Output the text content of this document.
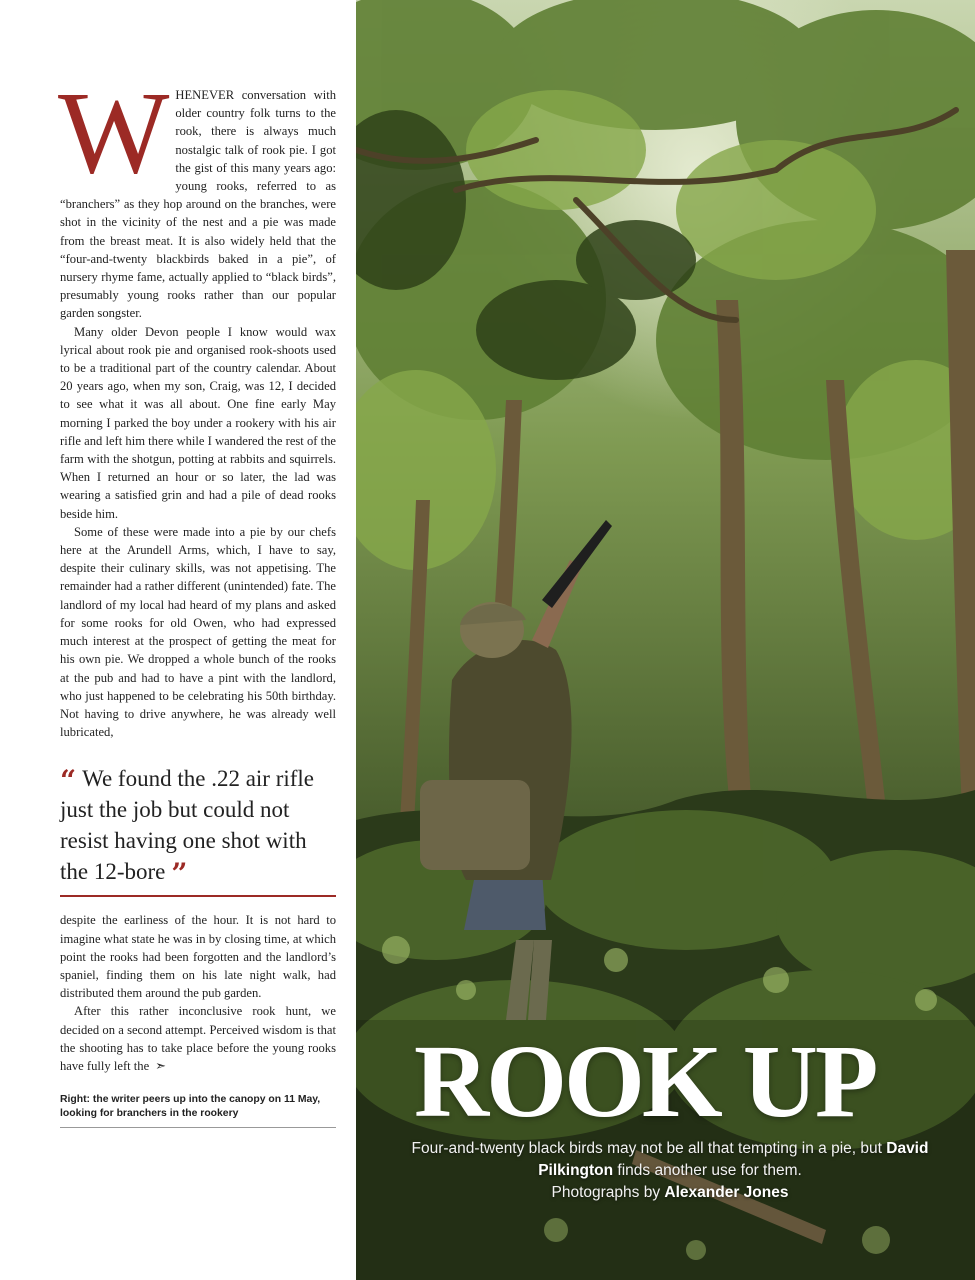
WHENEVER conversation with older country folk turns to the rook, there is always much nostalgic talk of rook pie. I got the gist of this many years ago: young rooks, referred to as “branchers” as they hop around on the branches, were shot in the vicinity of the nest and a pie was made from the breast meat. It is also widely held that the “four-and-twenty blackbirds baked in a pie”, of nursery rhyme fame, actually applied to “black birds”, presumably young rooks rather than our popular garden songster.

Many older Devon people I know would wax lyrical about rook pie and organised rook-shoots used to be a traditional part of the country calendar. About 20 years ago, when my son, Craig, was 12, I decided to see what it was all about. One fine early May morning I parked the boy under a rookery with his air rifle and left him there while I wandered the rest of the farm with the shotgun, potting at rabbits and squirrels. When I returned an hour or so later, the lad was wearing a satisfied grin and had a pile of dead rooks beside him.

Some of these were made into a pie by our chefs here at the Arundell Arms, which, I have to say, despite their culinary skills, was not appetising. The remainder had a rather different (unintended) fate. The landlord of my local had heard of my plans and asked for some rooks for old Owen, who had expressed much interest at the prospect of getting the meat for his own pie. We dropped a whole bunch of the rooks at the pub and had to have a pint with the landlord, who just happened to be celebrating his 50th birthday. Not having to drive anywhere, he was already well lubricated,

“ We found the .22 air rifle just the job but could not resist having one shot with the 12-bore ”

despite the earliness of the hour. It is not hard to imagine what state he was in by closing time, at which point the rooks had been forgotten and the landlord’s spaniel, finding them on his late night walk, had distributed them around the pub garden.

After this rather inconclusive rook hunt, we decided on a second attempt. Perceived wisdom is that the shooting has to take place before the young rooks have fully left the ➣

Right: the writer peers up into the canopy on 11 May, looking for branchers in the rookery	ROOK UP
Four-and-twenty black birds may not be all that tempting in a pie, but David Pilkington finds another use for them.
Photographs by Alexander Jones
